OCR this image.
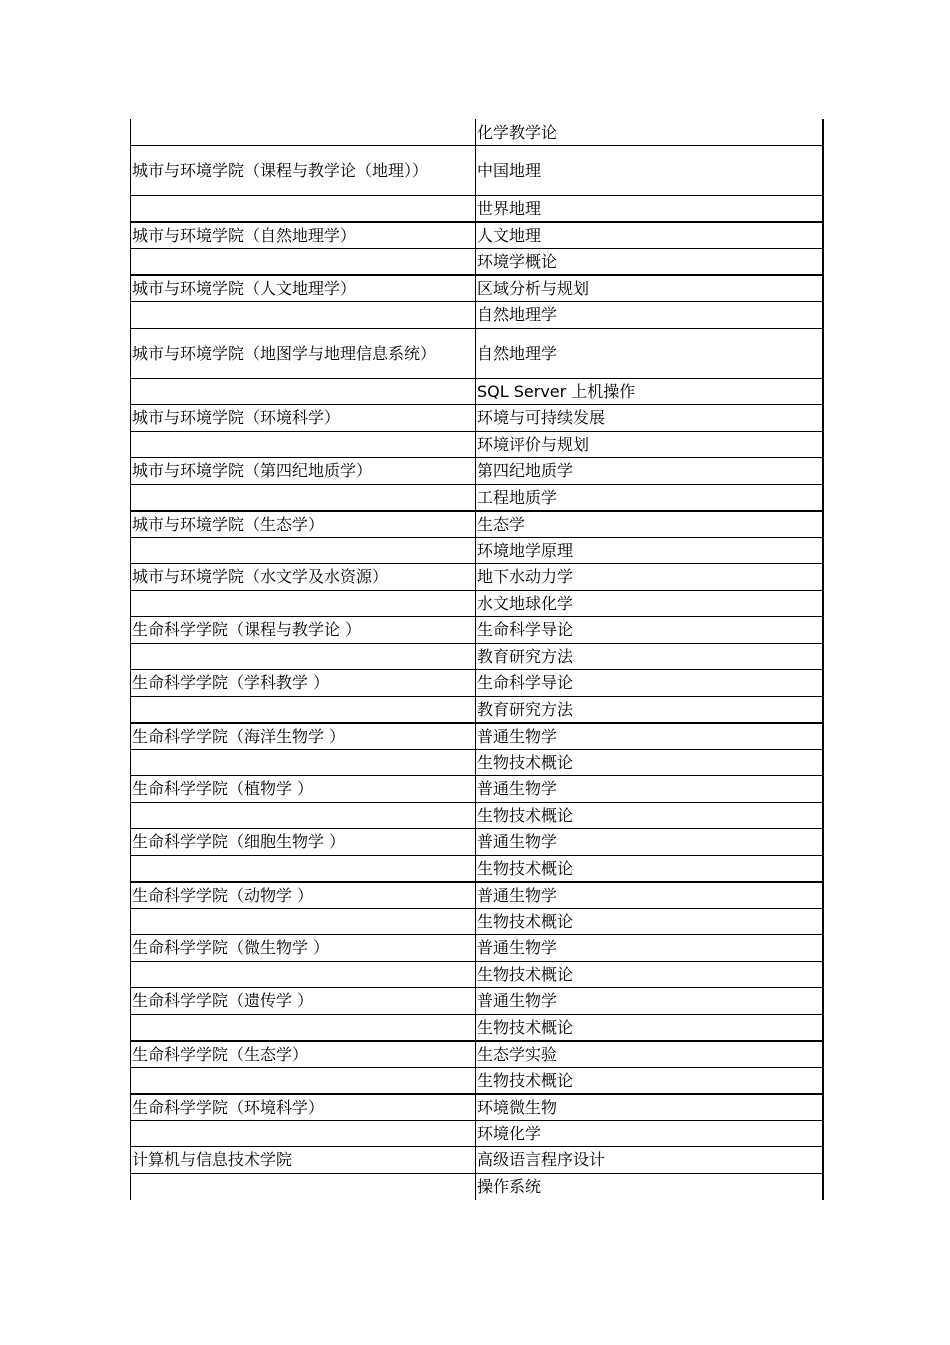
	化学教学论
城市与环境学院（课程与教学论（地理））	中国地理
	世界地理
城市与环境学院（自然地理学）	人文地理
	环境学概论
城市与环境学院（人文地理学）	区域分析与规划
	自然地理学
城市与环境学院（地图学与地理信息系统）	自然地理学
	SQL Server 上机操作
城市与环境学院（环境科学）	环境与可持续发展
	环境评价与规划
城市与环境学院（第四纪地质学）	第四纪地质学
	工程地质学
城市与环境学院（生态学）	生态学
	环境地学原理
城市与环境学院（水文学及水资源）	地下水动力学
	水文地球化学
生命科学学院（课程与教学论 ）	生命科学导论
	教育研究方法
生命科学学院（学科教学 ）	生命科学导论
	教育研究方法
生命科学学院（海洋生物学 ）	普通生物学
	生物技术概论
生命科学学院（植物学 ）	普通生物学
	生物技术概论
生命科学学院（细胞生物学 ）	普通生物学
	生物技术概论
生命科学学院（动物学 ）	普通生物学
	生物技术概论
生命科学学院（微生物学 ）	普通生物学
	生物技术概论
生命科学学院（遗传学 ）	普通生物学
	生物技术概论
生命科学学院（生态学）	生态学实验
	生物技术概论
生命科学学院（环境科学）	环境微生物
	环境化学
计算机与信息技术学院	高级语言程序设计
	操作系统
